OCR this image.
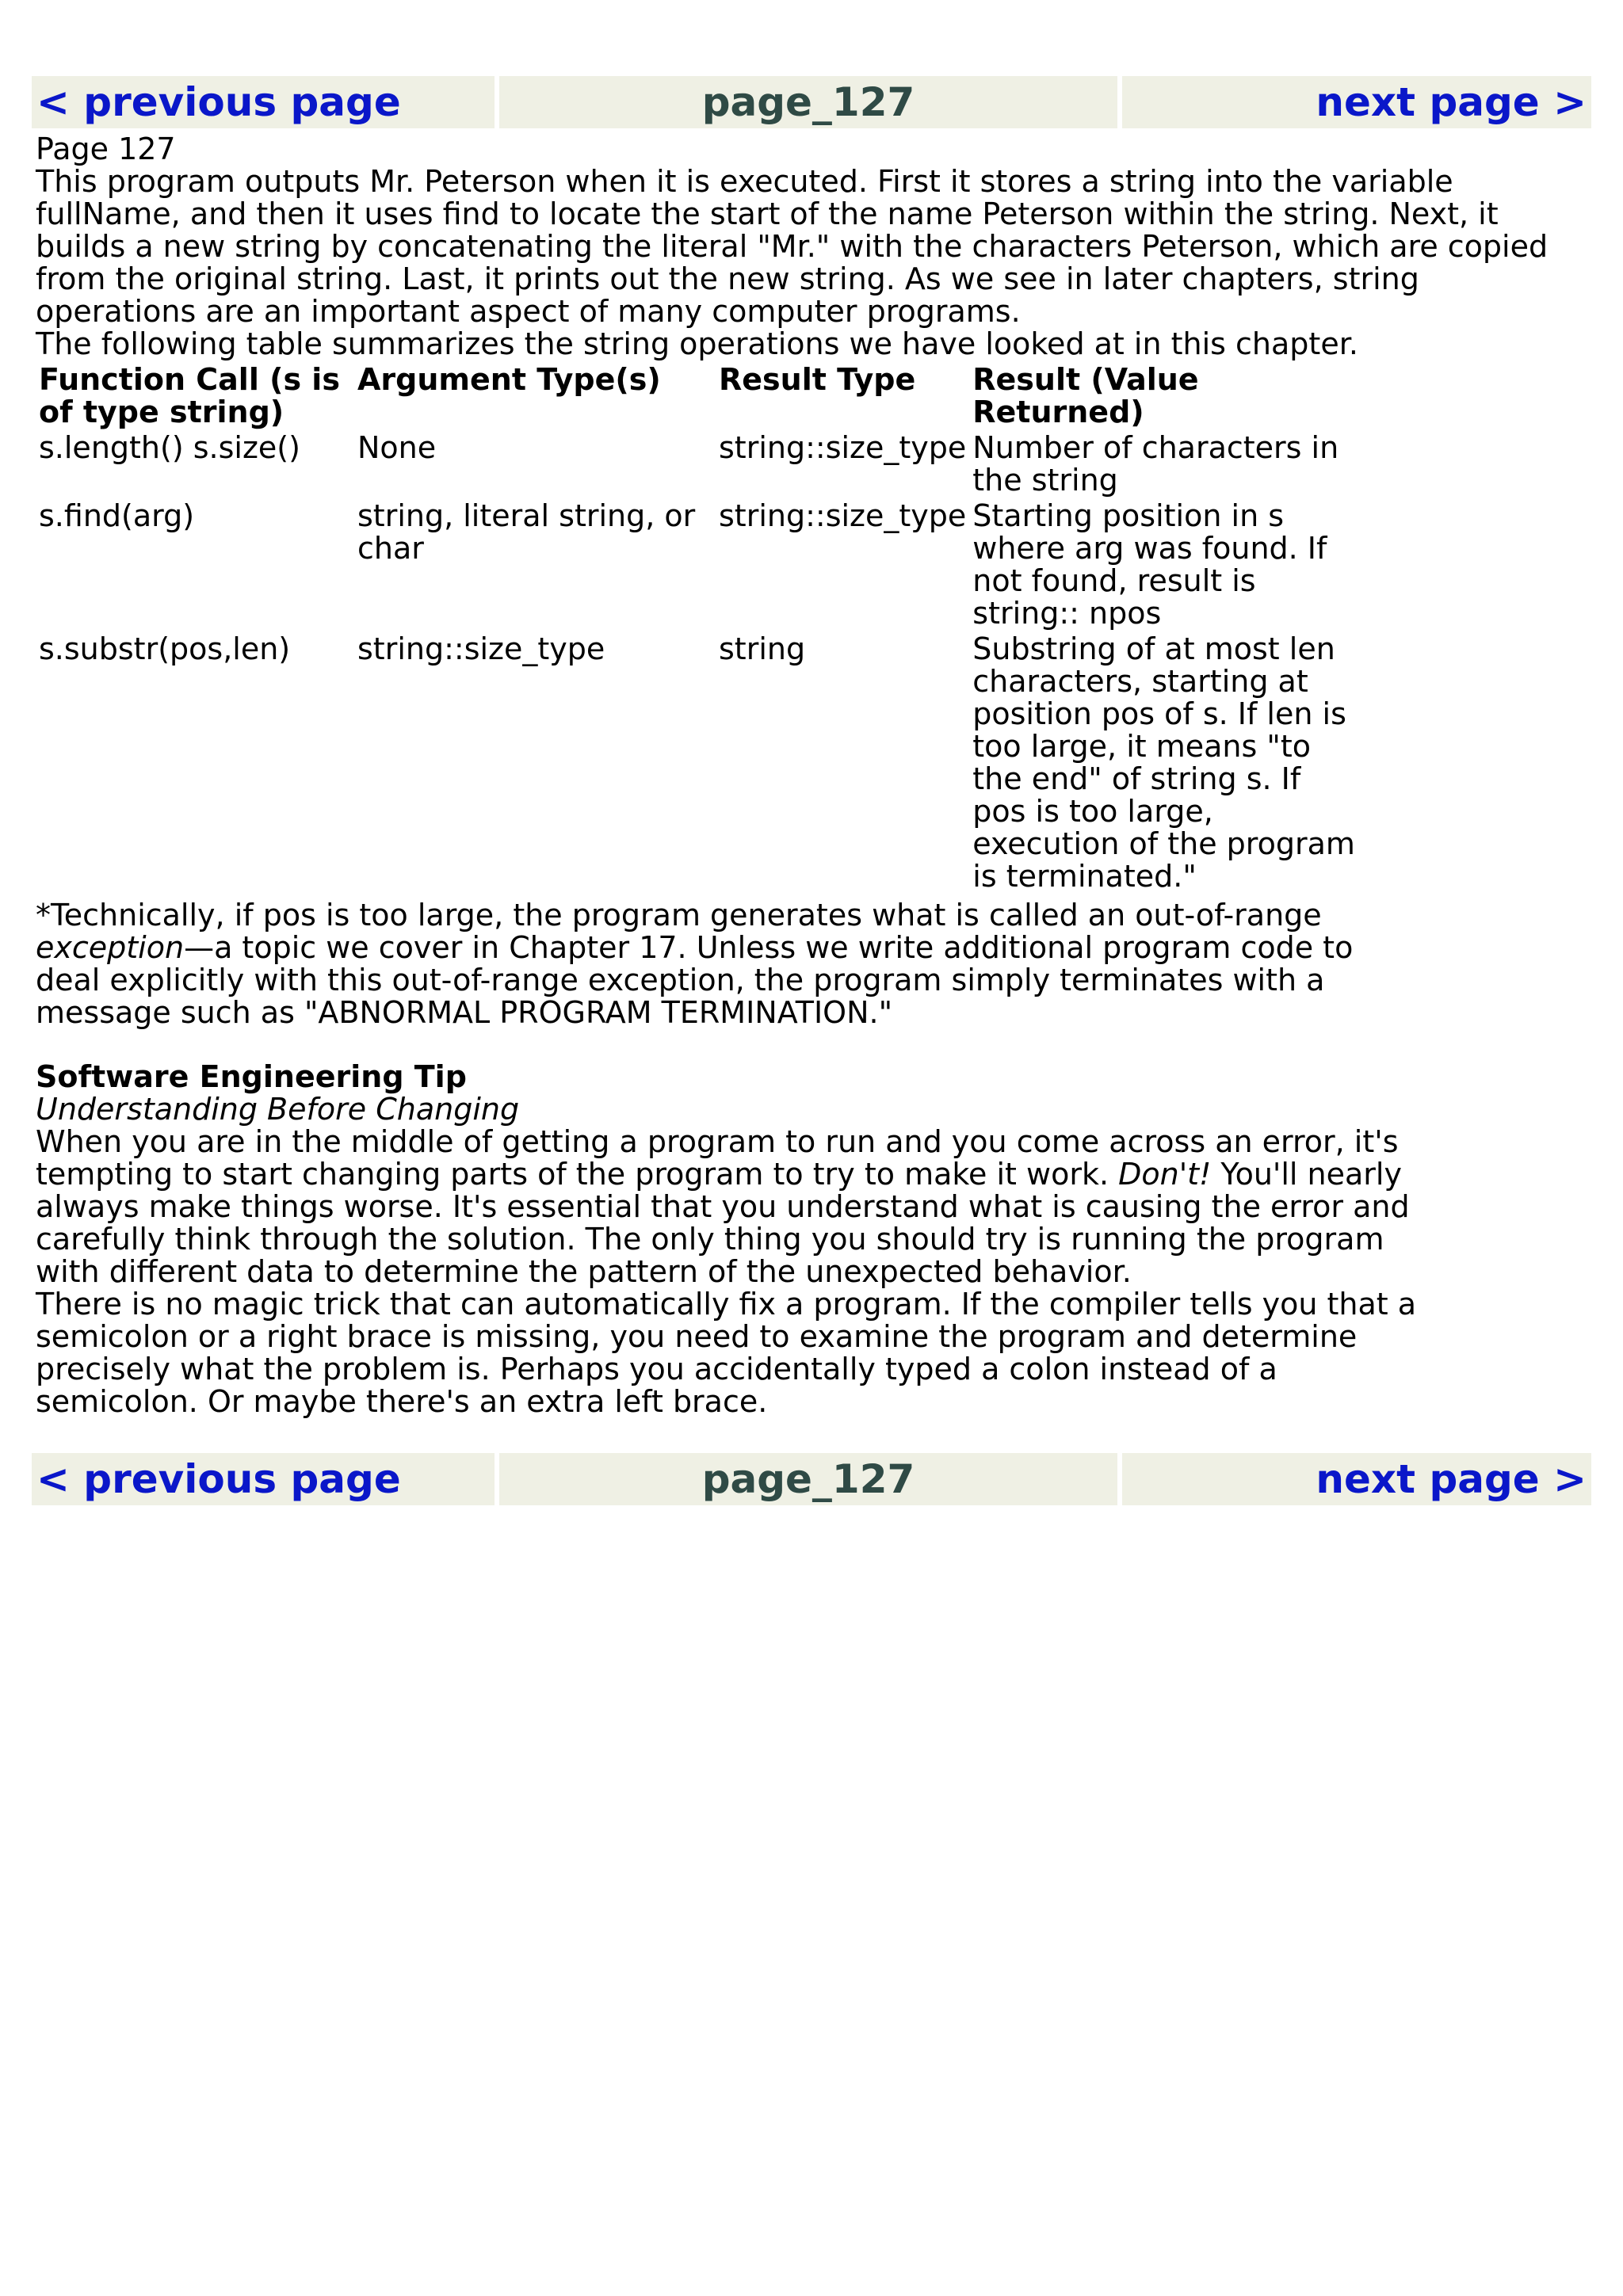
< previous page	page_127	next page >

Page 127

This program outputs Mr. Peterson when it is executed. First it stores a string into the variable fullName, and then it uses find to locate the start of the name Peterson within the string. Next, it builds a new string by concatenating the literal "Mr." with the characters Peterson, which are copied from the original string. Last, it prints out the new string. As we see in later chapters, string operations are an important aspect of many computer programs.

The following table summarizes the string operations we have looked at in this chapter.

Function Call (s is of type string)	Argument Type(s)	Result Type	Result (Value Returned)
s.length() s.size()	None	string::size_type	Number of characters in the string
s.find(arg)	string, literal string, or char	string::size_type	Starting position in s where arg was found. If not found, result is string:: npos
s.substr(pos,len)	string::size_type	string	Substring of at most len characters, starting at position pos of s. If len is too large, it means "to the end" of string s. If pos is too large, execution of the program is terminated."

*Technically, if pos is too large, the program generates what is called an out-of-range exception—a topic we cover in Chapter 17. Unless we write additional program code to deal explicitly with this out-of-range exception, the program simply terminates with a message such as "ABNORMAL PROGRAM TERMINATION."

Software Engineering Tip

Understanding Before Changing

When you are in the middle of getting a program to run and you come across an error, it's tempting to start changing parts of the program to try to make it work. Don't! You'll nearly always make things worse. It's essential that you understand what is causing the error and carefully think through the solution. The only thing you should try is running the program with different data to determine the pattern of the unexpected behavior.

There is no magic trick that can automatically fix a program. If the compiler tells you that a semicolon or a right brace is missing, you need to examine the program and determine precisely what the problem is. Perhaps you accidentally typed a colon instead of a semicolon. Or maybe there's an extra left brace.

< previous page	page_127	next page >
